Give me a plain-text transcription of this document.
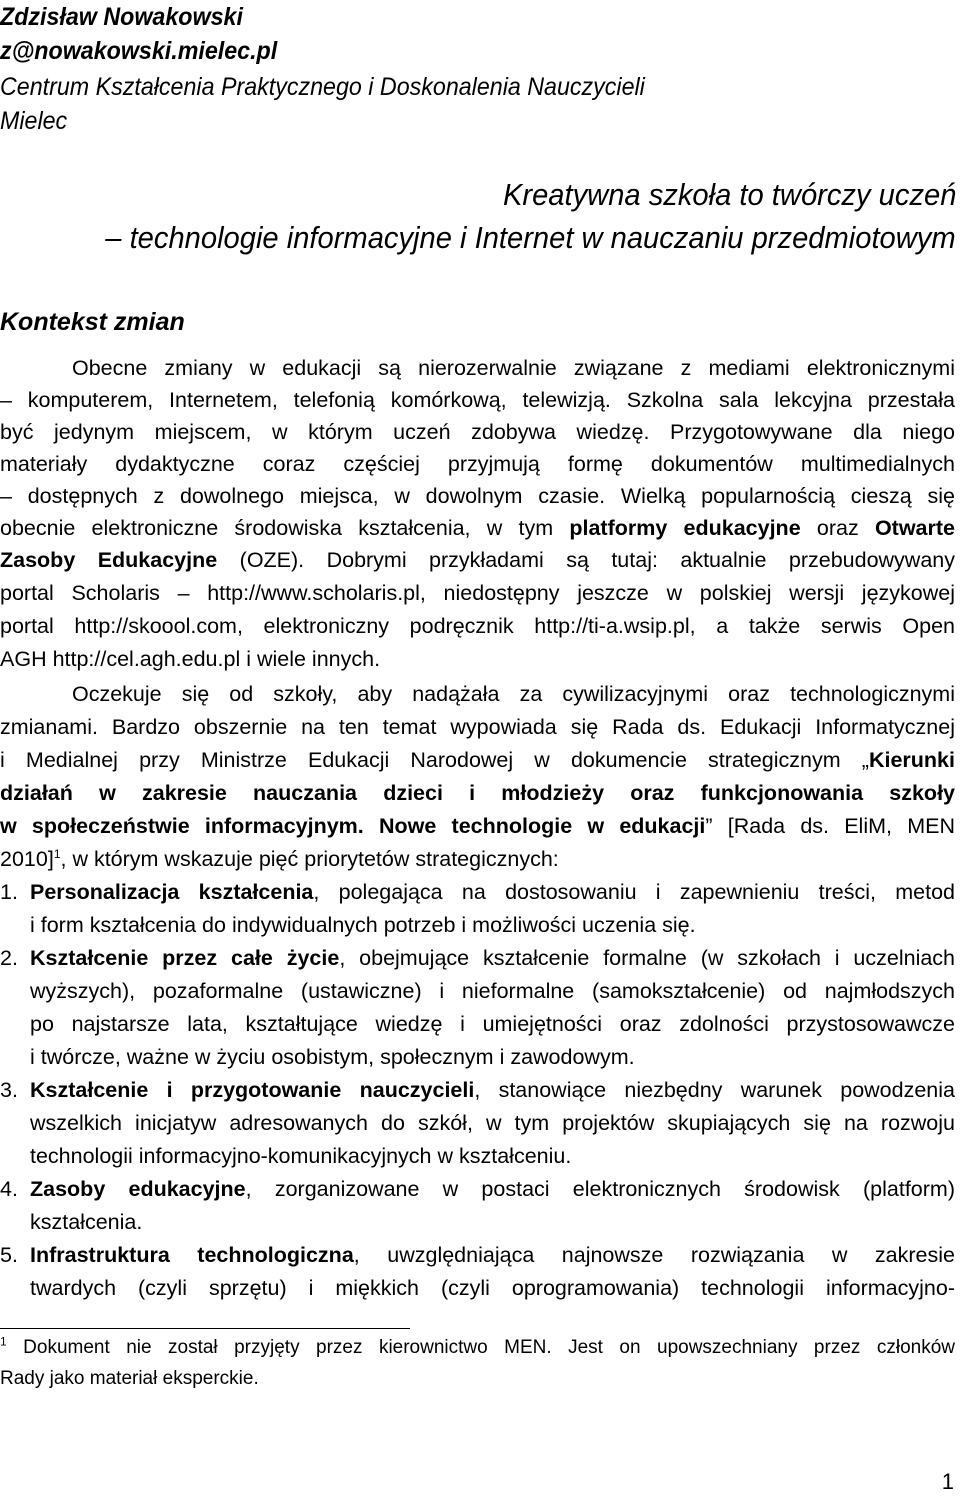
Zdzisław Nowakowski
z@nowakowski.mielec.pl
Centrum Kształcenia Praktycznego i Doskonalenia Nauczycieli
Mielec
Kreatywna szkoła to twórczy uczeń
– technologie informacyjne i Internet w nauczaniu przedmiotowym
Kontekst zmian
Obecne zmiany w edukacji są nierozerwalnie związane z mediami elektronicznymi
– komputerem, Internetem, telefonią komórkową, telewizją. Szkolna sala lekcyjna przestała
być jedynym miejscem, w którym uczeń zdobywa wiedzę. Przygotowywane dla niego
materiały dydaktyczne coraz częściej przyjmują formę dokumentów multimedialnych
– dostępnych z dowolnego miejsca, w dowolnym czasie. Wielką popularnością cieszą się
obecnie elektroniczne środowiska kształcenia, w tym platformy edukacyjne oraz Otwarte
Zasoby Edukacyjne (OZE). Dobrymi przykładami są tutaj: aktualnie przebudowywany
portal Scholaris – http://www.scholaris.pl, niedostępny jeszcze w polskiej wersji językowej
portal http://skoool.com, elektroniczny podręcznik http://ti-a.wsip.pl, a także serwis Open
AGH http://cel.agh.edu.pl i wiele innych.
Oczekuje się od szkoły, aby nadążała za cywilizacyjnymi oraz technologicznymi
zmianami. Bardzo obszernie na ten temat wypowiada się Rada ds. Edukacji Informatycznej
i Medialnej przy Ministrze Edukacji Narodowej w dokumencie strategicznym „Kierunki
działań w zakresie nauczania dzieci i młodzieży oraz funkcjonowania szkoły
w społeczeństwie informacyjnym. Nowe technologie w edukacji” [Rada ds. EliM, MEN
2010]$^1$, w którym wskazuje pięć priorytetów strategicznych:
1. Personalizacja kształcenia, polegająca na dostosowaniu i zapewnieniu treści, metod
i form kształcenia do indywidualnych potrzeb i możliwości uczenia się.
2. Kształcenie przez całe życie, obejmujące kształcenie formalne (w szkołach i uczelniach
wyższych), pozaformalne (ustawiczne) i nieformalne (samokształcenie) od najmłodszych
po najstarsze lata, kształtujące wiedzę i umiejętności oraz zdolności przystosowawcze
i twórcze, ważne w życiu osobistym, społecznym i zawodowym.
3. Kształcenie i przygotowanie nauczycieli, stanowiące niezbędny warunek powodzenia
wszelkich inicjatyw adresowanych do szkół, w tym projektów skupiających się na rozwoju
technologii informacyjno-komunikacyjnych w kształceniu.
4. Zasoby edukacyjne, zorganizowane w postaci elektronicznych środowisk (platform)
kształcenia.
5. Infrastruktura technologiczna, uwzględniająca najnowsze rozwiązania w zakresie
twardych (czyli sprzętu) i miękkich (czyli oprogramowania) technologii informacyjno-
$^1$ Dokument nie został przyjęty przez kierownictwo MEN. Jest on upowszechniany przez członków
Rady jako materiał eksperckie.
1
